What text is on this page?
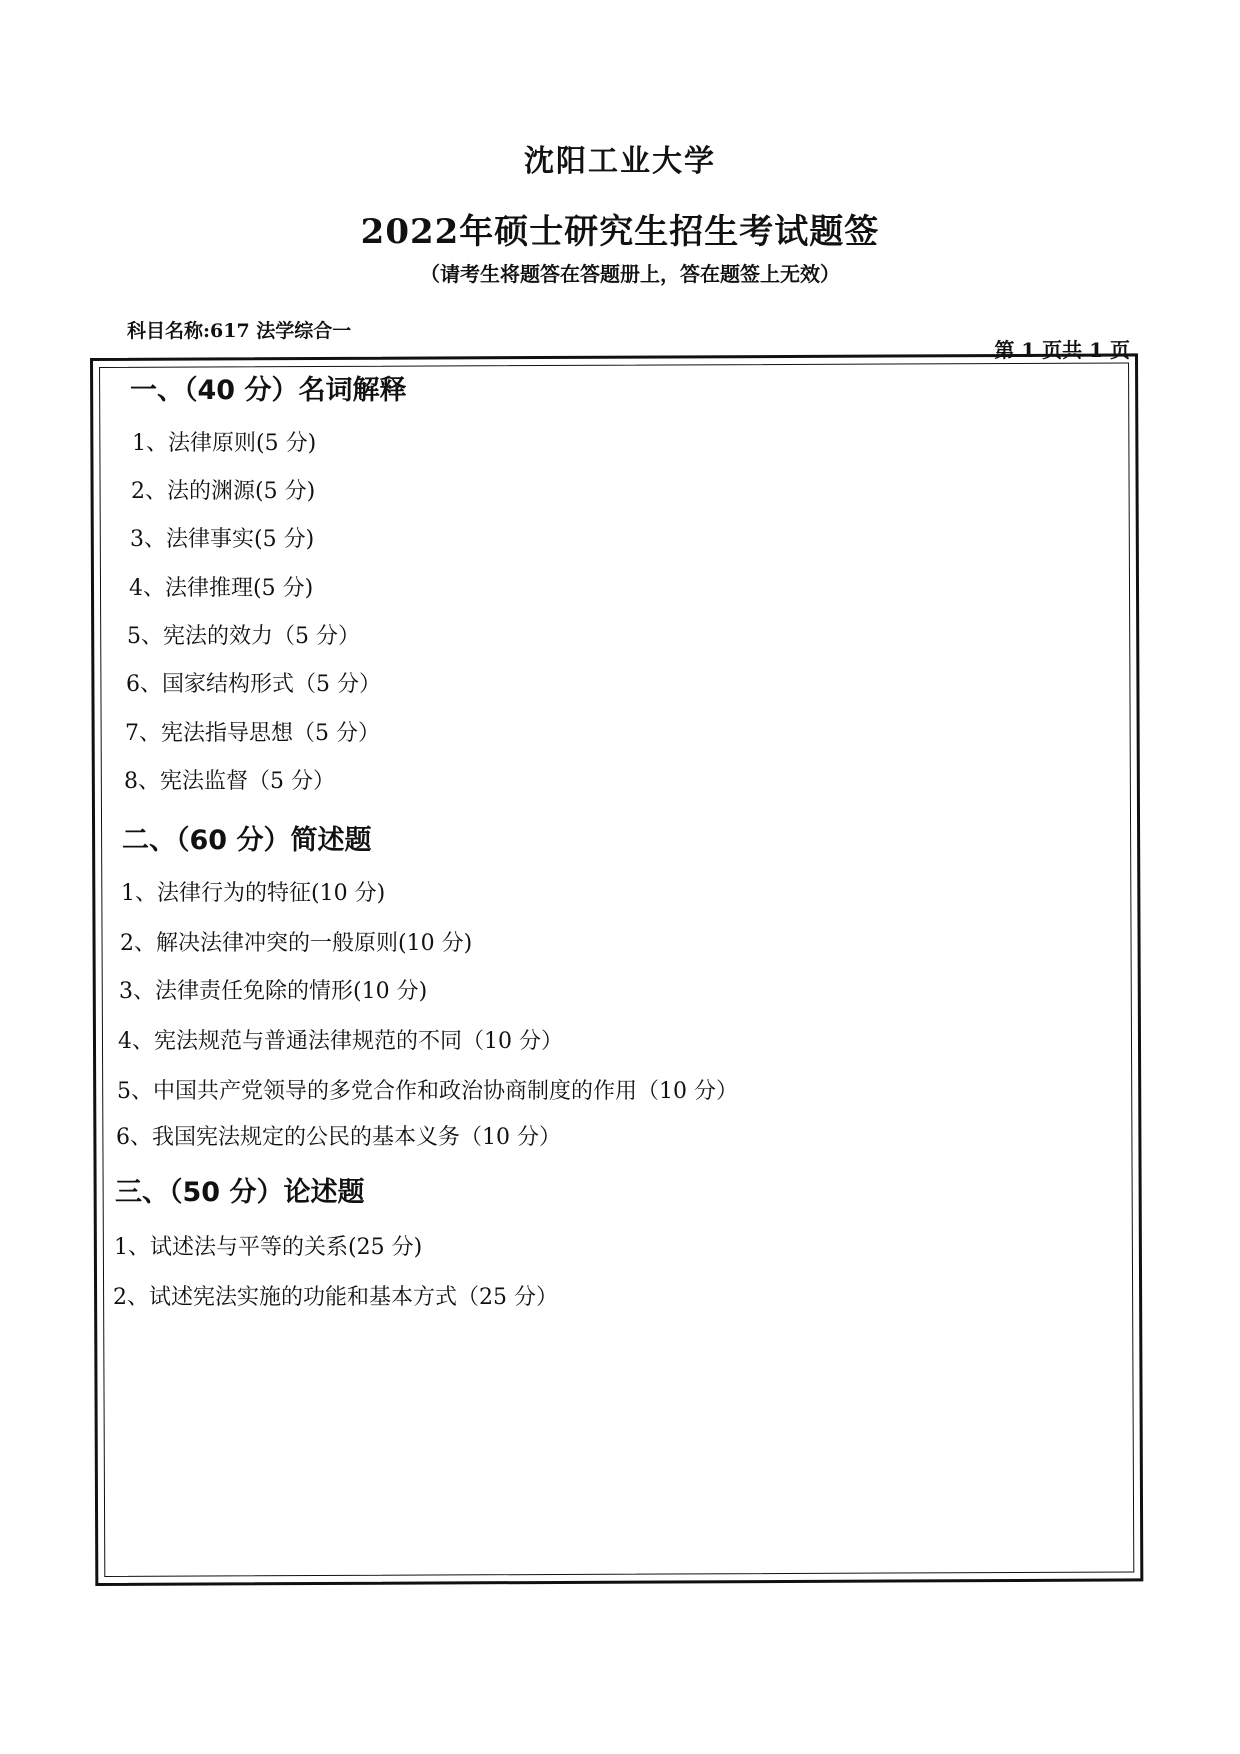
沈阳工业大学
2022年硕士研究生招生考试题签
（请考生将题答在答题册上，答在题签上无效）
科目名称:617 法学综合一
第 1 页共 1 页
一、（40 分）名词解释
1、法律原则(5 分)
2、法的渊源(5 分)
3、法律事实(5 分)
4、法律推理(5 分)
5、宪法的效力（5 分）
6、国家结构形式（5 分）
7、宪法指导思想（5 分）
8、宪法监督（5 分）
二、（60 分）简述题
1、法律行为的特征(10 分)
2、解决法律冲突的一般原则(10 分)
3、法律责任免除的情形(10 分)
4、宪法规范与普通法律规范的不同（10 分）
5、中国共产党领导的多党合作和政治协商制度的作用（10 分）
6、我国宪法规定的公民的基本义务（10 分）
三、（50 分）论述题
1、试述法与平等的关系(25 分)
2、试述宪法实施的功能和基本方式（25 分）
